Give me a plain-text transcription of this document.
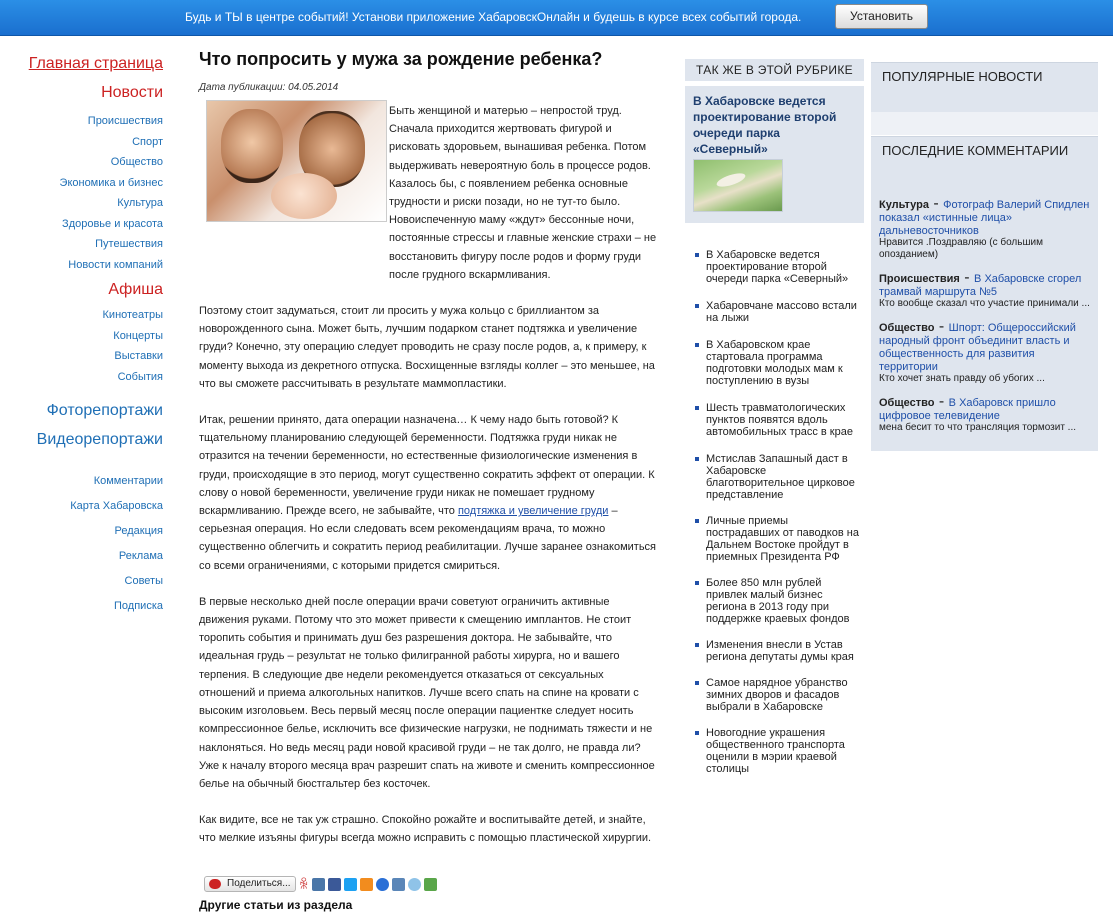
Будь и ТЫ в центре событий! Установи приложение ХабаровскОнлайн и будешь в курсе всех событий города.	Установить
Главная страница
Новости
Происшествия
Спорт
Общество
Экономика и бизнес
Культура
Здоровье и красота
Путешествия
Новости компаний
Афиша
Кинотеатры
Концерты
Выставки
События
Фоторепортажи
Видеорепортажи
Комментарии
Карта Хабаровска
Редакция
Реклама
Советы
Подписка
Что попросить у мужа за рождение ребенка?
Дата публикации: 04.05.2014

Быть женщиной и матерью – непростой труд. Сначала приходится жертвовать фигурой и рисковать здоровьем, вынашивая ребенка. Потом выдерживать невероятную боль в процессе родов. Казалось бы, с появлением ребенка основные трудности и риски позади, но не тут-то было. Новоиспеченную маму «ждут» бессонные ночи, постоянные стрессы и главные женские страхи – не восстановить фигуру после родов и форму груди после грудного вскармливания.

Поэтому стоит задуматься, стоит ли просить у мужа кольцо с бриллиантом за новорожденного сына. Может быть, лучшим подарком станет подтяжка и увеличение груди? Конечно, эту операцию следует проводить не сразу после родов, а, к примеру, к моменту выхода из декретного отпуска. Восхищенные взгляды коллег – это меньшее, на что вы сможете рассчитывать в результате маммопластики.

Итак, решении принято, дата операции назначена… К чему надо быть готовой? К тщательному планированию следующей беременности. Подтяжка груди никак не отразится на течении беременности, но естественные физиологические изменения в груди, происходящие в это период, могут существенно сократить эффект от операции. К слову о новой беременности, увеличение груди никак не помешает грудному вскармливанию. Прежде всего, не забывайте, что подтяжка и увеличение груди – серьезная операция. Но если следовать всем рекомендациям врача, то можно существенно облегчить и сократить период реабилитации. Лучше заранее ознакомиться со всеми ограничениями, с которыми придется смириться.

В первые несколько дней после операции врачи советуют ограничить активные движения руками. Потому что это может привести к смещению имплантов. Не стоит торопить события и принимать душ без разрешения доктора. Не забывайте, что идеальная грудь – результат не только филигранной работы хирурга, но и вашего терпения. В следующие две недели рекомендуется отказаться от сексуальных отношений и приема алкогольных напитков. Лучше всего спать на спине на кровати с высоким изголовьем. Весь первый месяц после операции пациентке следует носить компрессионное белье, исключить все физические нагрузки, не поднимать тяжести и не наклоняться. Но ведь месяц ради новой красивой груди – не так долго, не правда ли? Уже к началу второго месяца врач разрешит спать на животе и сменить компрессионное белье на обычный бюстгальтер без косточек.

Как видите, все не так уж страшно. Спокойно рожайте и воспитывайте детей, и знайте, что мелкие изъяны фигуры всегда можно исправить с помощью пластической хирургии.

Поделиться... ꆜ
Другие статьи из раздела
ТАК ЖЕ В ЭТОЙ РУБРИКЕ
В Хабаровске ведется проектирование второй очереди парка «Северный»
В Хабаровске ведется проектирование второй очереди парка «Северный»
Хабаровчане массово встали на лыжи
В Хабаровском крае стартовала программа подготовки молодых мам к поступлению в вузы
Шесть травматологических пунктов появятся вдоль автомобильных трасс в крае
Мстислав Запашный даст в Хабаровске благотворительное цирковое представление
Личные приемы пострадавших от паводков на Дальнем Востоке пройдут в приемных Президента РФ
Более 850 млн рублей привлек малый бизнес региона в 2013 году при поддержке краевых фондов
Изменения внесли в Устав региона депутаты думы края
Самое нарядное убранство зимних дворов и фасадов выбрали в Хабаровске
Новогодние украшения общественного транспорта оценили в мэрии краевой столицы
ПОПУЛЯРНЫЕ НОВОСТИ
ПОСЛЕДНИЕ КОММЕНТАРИИ
Культура - Фотограф Валерий Спидлен показал «истинные лица» дальневосточников
Нравится .Поздравляю (с большим опозданием)
Происшествия - В Хабаровске сгорел трамвай маршрута №5
Кто вообще сказал что участие принимали ...
Общество - Шпорт: Общероссийский народный фронт объединит власть и общественность для развития территории
Кто хочет знать правду об убогих ...
Общество - В Хабаровск пришло цифровое телевидение
мена бесит то что трансляция тормозит ...
